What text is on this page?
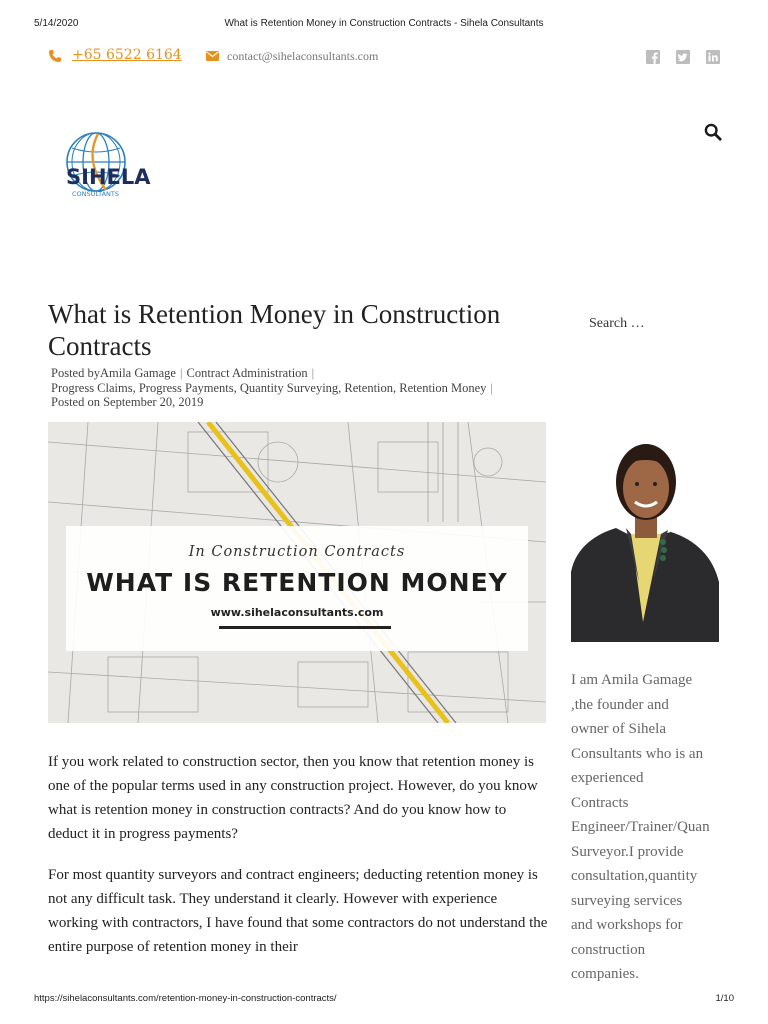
5/14/2020	What is Retention Money in Construction Contracts - Sihela Consultants
+65 6522 6164	contact@sihelaconsultants.com
SIHELA
CONSULTANTS
What is Retention Money in Construction Contracts
Posted byAmila Gamage | Contract Administration |
Progress Claims, Progress Payments, Quantity Surveying, Retention, Retention Money |
Posted on September 20, 2019
Search …
In Construction Contracts
WHAT IS RETENTION MONEY
www.sihelaconsultants.com

I am Amila Gamage

,the founder and

owner of Sihela

Consultants who is an

experienced

Contracts

Engineer/Trainer/Quan

Surveyor.I provide

consultation,quantity

surveying services

and workshops for

construction

companies.

If you work related to construction sector, then you know that retention money is one of the popular terms used in any construction project. However, do you know what is retention money in construction contracts? And do you know how to deduct it in progress payments?

For most quantity surveyors and contract engineers; deducting retention money is not any difficult task. They understand it clearly. However with experience working with contractors, I have found that some contractors do not understand the entire purpose of retention money in their

https://sihelaconsultants.com/retention-money-in-construction-contracts/	1/10
